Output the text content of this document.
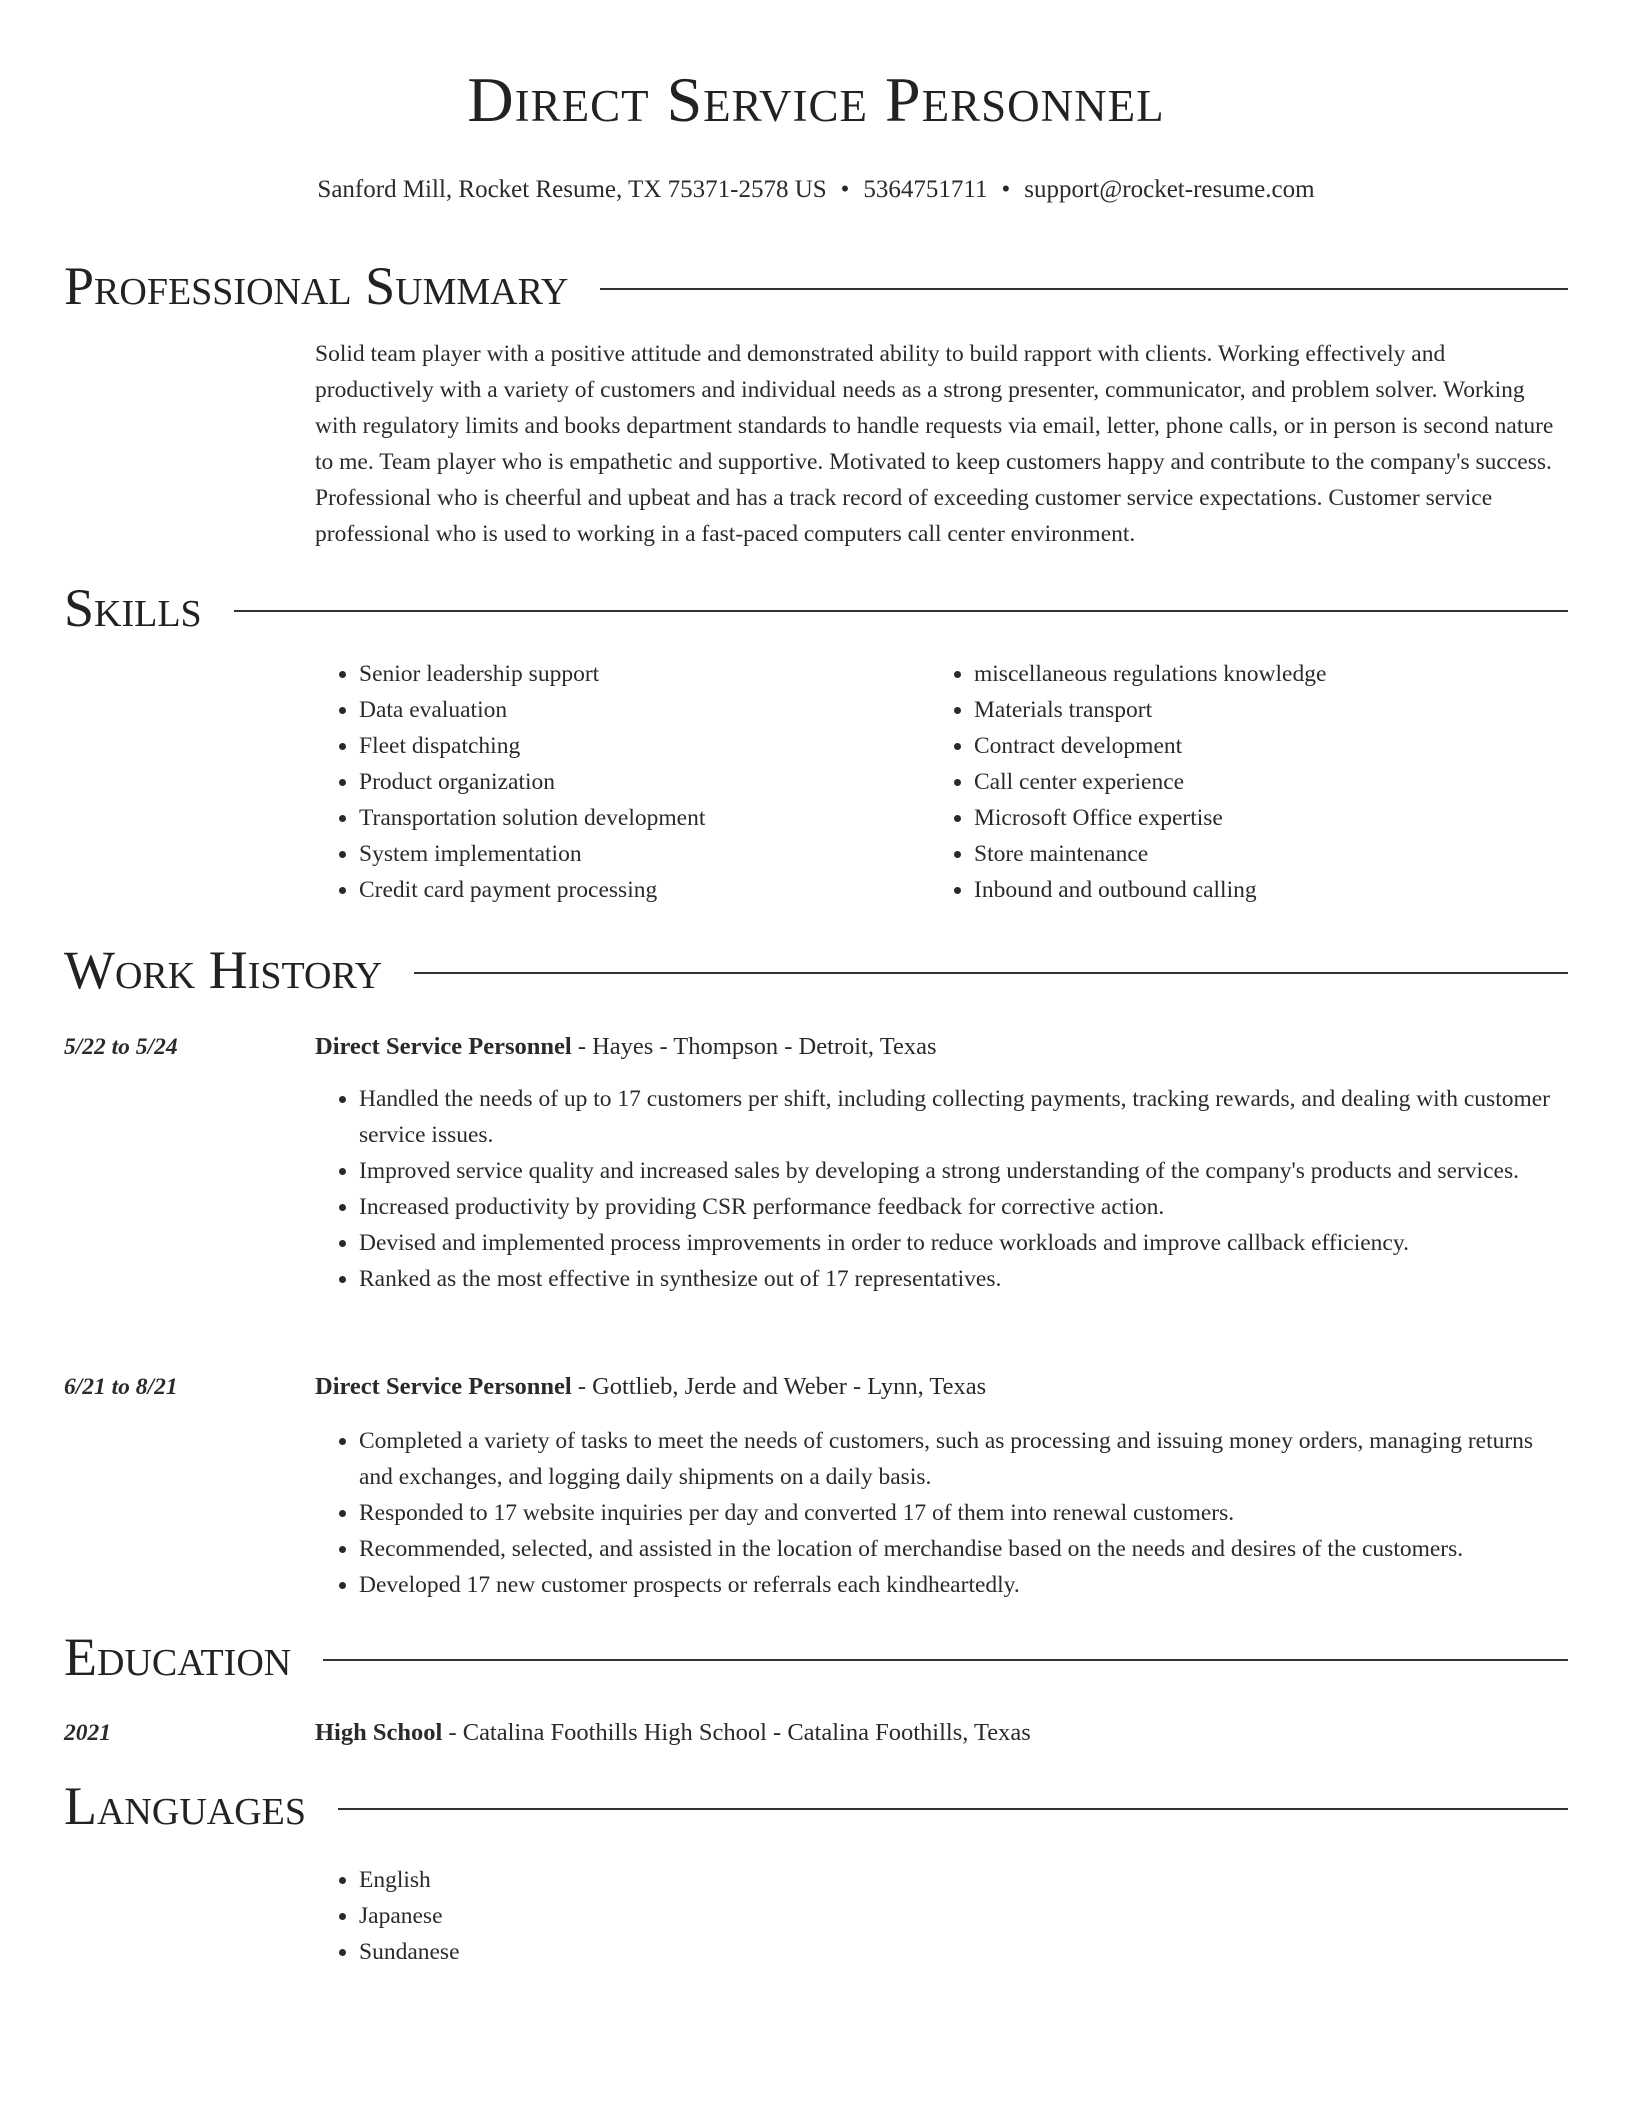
Direct Service Personnel
Sanford Mill, Rocket Resume, TX 75371-2578 US • 5364751711 • support@rocket-resume.com
Professional Summary

Solid team player with a positive attitude and demonstrated ability to build rapport with clients. Working effectively and productively with a variety of customers and individual needs as a strong presenter, communicator, and problem solver. Working with regulatory limits and books department standards to handle requests via email, letter, phone calls, or in person is second nature to me. Team player who is empathetic and supportive. Motivated to keep customers happy and contribute to the company's success. Professional who is cheerful and upbeat and has a track record of exceeding customer service expectations. Customer service professional who is used to working in a fast-paced computers call center environment.

Skills
• Senior leadership support
• Data evaluation
• Fleet dispatching
• Product organization
• Transportation solution development
• System implementation
• Credit card payment processing
• miscellaneous regulations knowledge
• Materials transport
• Contract development
• Call center experience
• Microsoft Office expertise
• Store maintenance
• Inbound and outbound calling
Work History
5/22 to 5/24	Direct Service Personnel - Hayes - Thompson - Detroit, Texas
• Handled the needs of up to 17 customers per shift, including collecting payments, tracking rewards, and dealing with customer service issues.
• Improved service quality and increased sales by developing a strong understanding of the company's products and services.
• Increased productivity by providing CSR performance feedback for corrective action.
• Devised and implemented process improvements in order to reduce workloads and improve callback efficiency.
• Ranked as the most effective in synthesize out of 17 representatives.
6/21 to 8/21	Direct Service Personnel - Gottlieb, Jerde and Weber - Lynn, Texas
• Completed a variety of tasks to meet the needs of customers, such as processing and issuing money orders, managing returns and exchanges, and logging daily shipments on a daily basis.
• Responded to 17 website inquiries per day and converted 17 of them into renewal customers.
• Recommended, selected, and assisted in the location of merchandise based on the needs and desires of the customers.
• Developed 17 new customer prospects or referrals each kindheartedly.
Education
2021	High School - Catalina Foothills High School - Catalina Foothills, Texas
Languages
• English
• Japanese
• Sundanese
